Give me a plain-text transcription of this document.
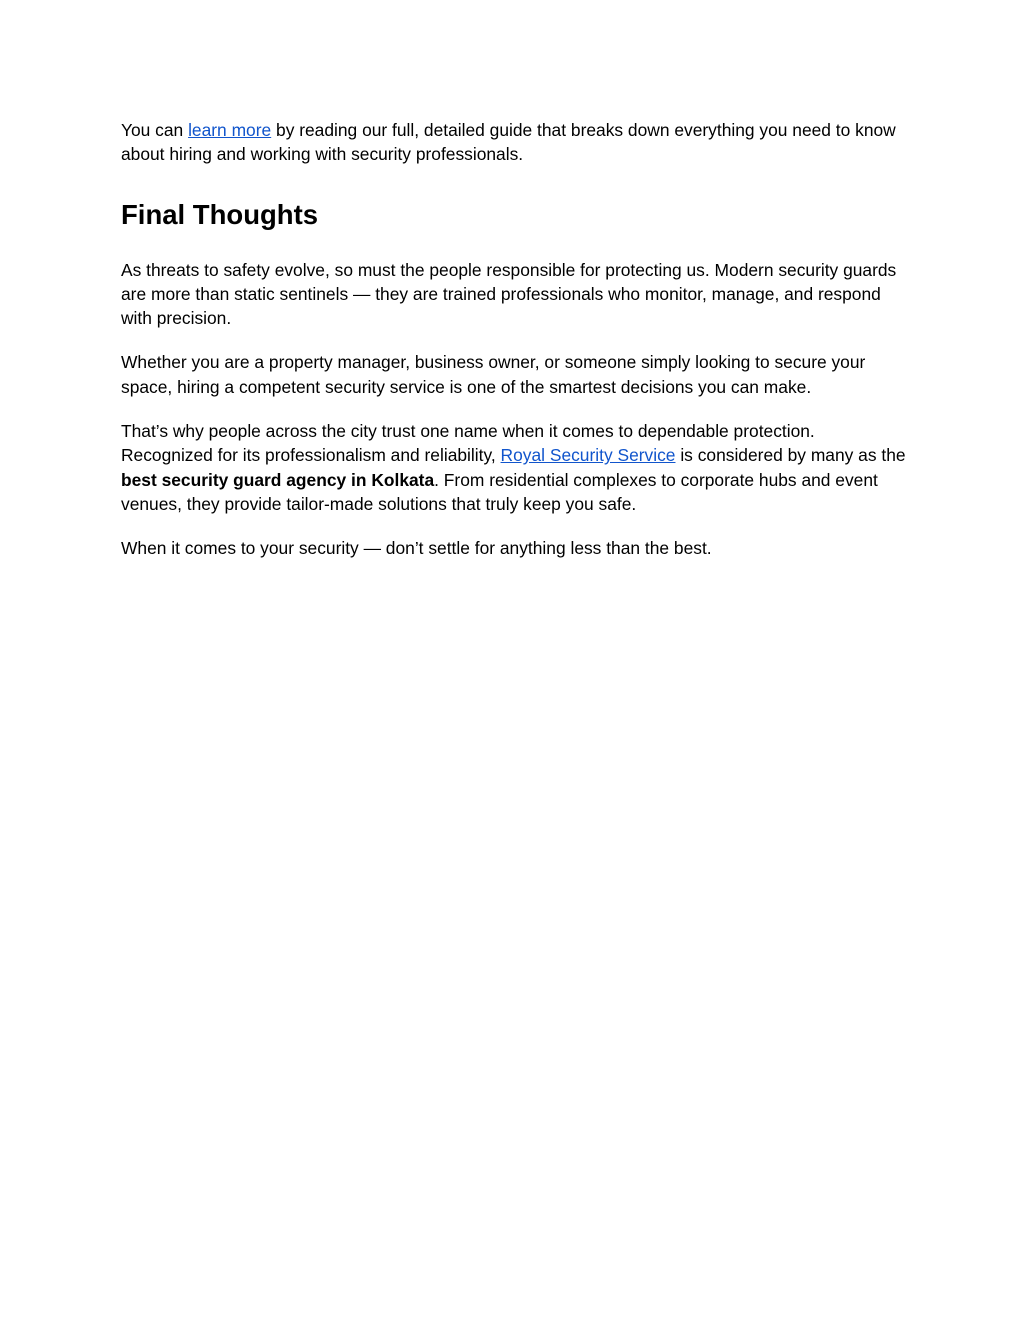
You can learn more by reading our full, detailed guide that breaks down everything you need to know about hiring and working with security professionals.

Final Thoughts

As threats to safety evolve, so must the people responsible for protecting us. Modern security guards are more than static sentinels — they are trained professionals who monitor, manage, and respond with precision.

Whether you are a property manager, business owner, or someone simply looking to secure your space, hiring a competent security service is one of the smartest decisions you can make.

That’s why people across the city trust one name when it comes to dependable protection. Recognized for its professionalism and reliability, Royal Security Service is considered by many as the best security guard agency in Kolkata. From residential complexes to corporate hubs and event venues, they provide tailor-made solutions that truly keep you safe.

When it comes to your security — don’t settle for anything less than the best.
